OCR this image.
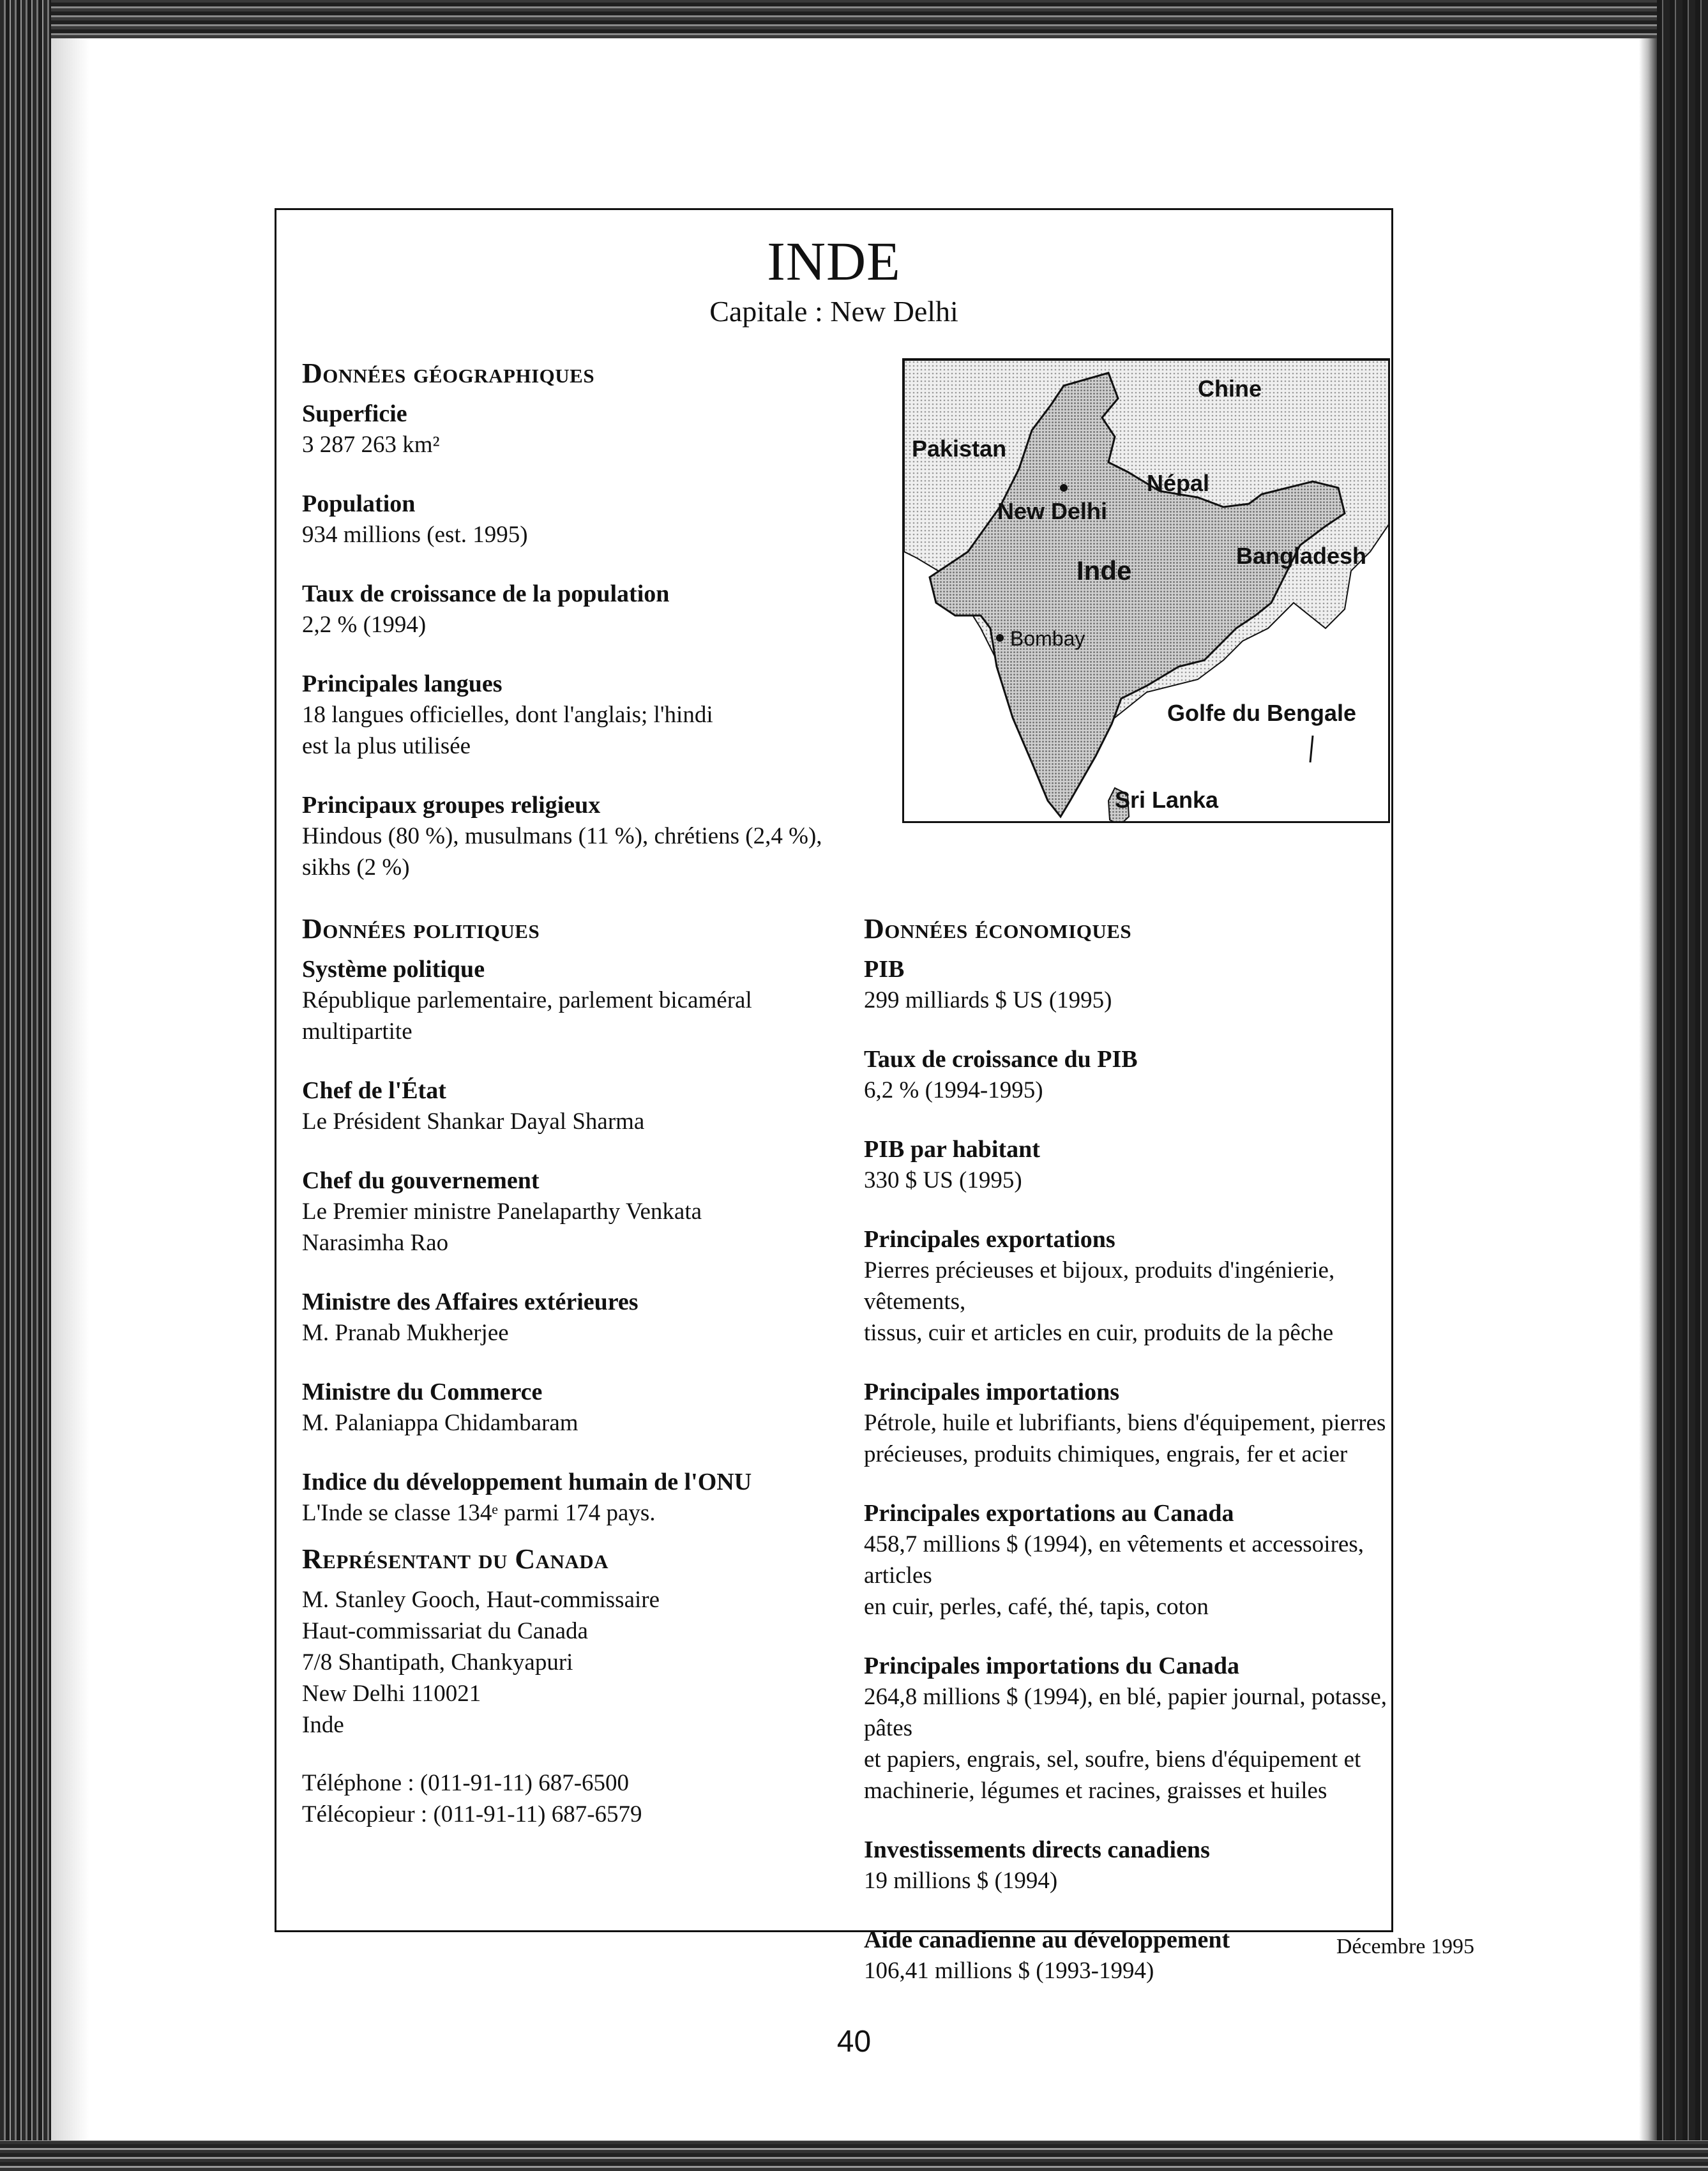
INDE

Capitale : New Delhi

Données géographiques

Superficie

3 287 263 km²

Population

934 millions (est. 1995)

Taux de croissance de la population

2,2 % (1994)

Principales langues

18 langues officielles, dont l'anglais; l'hindi

est la plus utilisée

Principaux groupes religieux

Hindous (80 %), musulmans (11 %), chrétiens (2,4 %),

sikhs (2 %)

Données politiques

Système politique

République parlementaire, parlement bicaméral

multipartite

Chef de l'État

Le Président Shankar Dayal Sharma

Chef du gouvernement

Le Premier ministre Panelaparthy Venkata

Narasimha Rao

Ministre des Affaires extérieures

M. Pranab Mukherjee

Ministre du Commerce

M. Palaniappa Chidambaram

Indice du développement humain de l'ONU

L'Inde se classe 134ᵉ parmi 174 pays.

Représentant du Canada

M. Stanley Gooch, Haut-commissaire

Haut-commissariat du Canada

7/8 Shantipath, Chankyapuri

New Delhi 110021

Inde

Téléphone : (011-91-11) 687-6500

Télécopieur : (011-91-11) 687-6579

Chine
Pakistan
Népal
New Delhi
Inde	Bangladesh
Bombay
Golfe du Bengale
Sri Lanka
Données économiques

PIB

299 milliards $ US (1995)

Taux de croissance du PIB

6,2 % (1994-1995)

PIB par habitant

330 $ US (1995)

Principales exportations

Pierres précieuses et bijoux, produits d'ingénierie, vêtements,

tissus, cuir et articles en cuir, produits de la pêche

Principales importations

Pétrole, huile et lubrifiants, biens d'équipement, pierres

précieuses, produits chimiques, engrais, fer et acier

Principales exportations au Canada

458,7 millions $ (1994), en vêtements et accessoires, articles

en cuir, perles, café, thé, tapis, coton

Principales importations du Canada

264,8 millions $ (1994), en blé, papier journal, potasse, pâtes

et papiers, engrais, sel, soufre, biens d'équipement et

machinerie, légumes et racines, graisses et huiles

Investissements directs canadiens

19 millions $ (1994)

Aide canadienne au développement

106,41 millions $ (1993-1994)

Décembre 1995
40
